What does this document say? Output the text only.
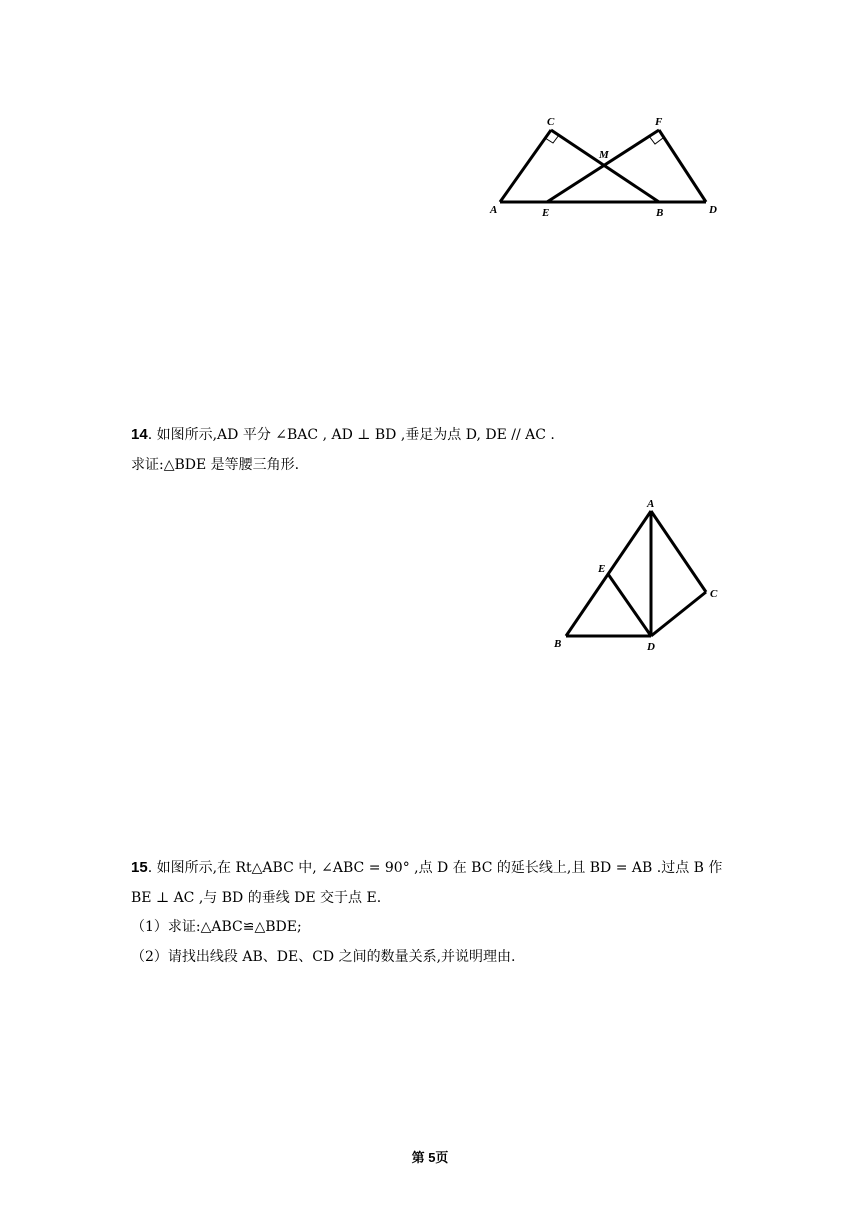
C	F
M
A	E	B	D
14. 如图所示,AD 平分 ∠BAC , AD ⊥ BD ,垂足为点 D, DE // AC .
求证:△BDE 是等腰三角形.
A
E
C
B	D
15. 如图所示,在 Rt△ABC 中, ∠ABC = 90° ,点 D 在 BC 的延长线上,且 BD = AB .过点 B 作
BE ⊥ AC ,与 BD 的垂线 DE 交于点 E.
（1）求证:△ABC≌△BDE;
（2）请找出线段 AB、DE、CD 之间的数量关系,并说明理由.
第 5页
